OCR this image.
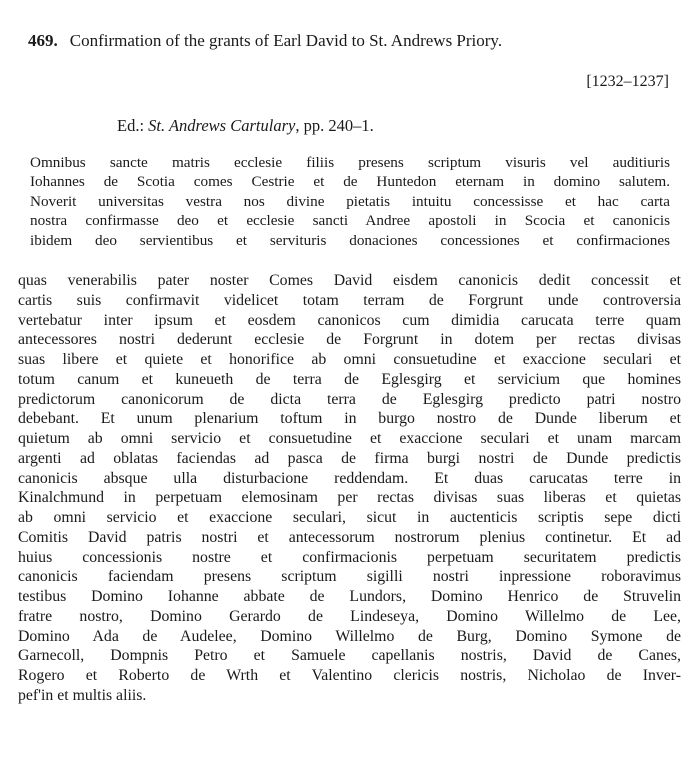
469. Confirmation of the grants of Earl David to St. Andrews Priory.
[1232–1237]
Ed.: St. Andrews Cartulary, pp. 240–1.
Omnibus sancte matris ecclesie filiis presens scriptum visuris vel auditiuris
Iohannes de Scotia comes Cestrie et de Huntedon eternam in domino salutem.
Noverit universitas vestra nos divine pietatis intuitu concessisse et hac carta
nostra confirmasse deo et ecclesie sancti Andree apostoli in Scocia et canonicis
ibidem deo servientibus et servituris donaciones concessiones et confirmaciones
quas venerabilis pater noster Comes David eisdem canonicis dedit concessit et
cartis suis confirmavit videlicet totam terram de Forgrunt unde controversia
vertebatur inter ipsum et eosdem canonicos cum dimidia carucata terre quam
antecessores nostri dederunt ecclesie de Forgrunt in dotem per rectas divisas
suas libere et quiete et honorifice ab omni consuetudine et exaccione seculari et
totum canum et kuneueth de terra de Eglesgirg et servicium que homines
predictorum canonicorum de dicta terra de Eglesgirg predicto patri nostro
debebant. Et unum plenarium toftum in burgo nostro de Dunde liberum et
quietum ab omni servicio et consuetudine et exaccione seculari et unam marcam
argenti ad oblatas faciendas ad pasca de firma burgi nostri de Dunde predictis
canonicis absque ulla disturbacione reddendam. Et duas carucatas terre in
Kinalchmund in perpetuam elemosinam per rectas divisas suas liberas et quietas
ab omni servicio et exaccione seculari, sicut in auctenticis scriptis sepe dicti
Comitis David patris nostri et antecessorum nostrorum plenius continetur. Et ad
huius concessionis nostre et confirmacionis perpetuam securitatem predictis
canonicis faciendam presens scriptum sigilli nostri inpressione roboravimus
testibus Domino Iohanne abbate de Lundors, Domino Henrico de Struvelin
fratre nostro, Domino Gerardo de Lindeseya, Domino Willelmo de Lee,
Domino Ada de Audelee, Domino Willelmo de Burg, Domino Symone de
Garnecoll, Dompnis Petro et Samuele capellanis nostris, David de Canes,
Rogero et Roberto de Wrth et Valentino clericis nostris, Nicholao de Inver-
pef'in et multis aliis.
